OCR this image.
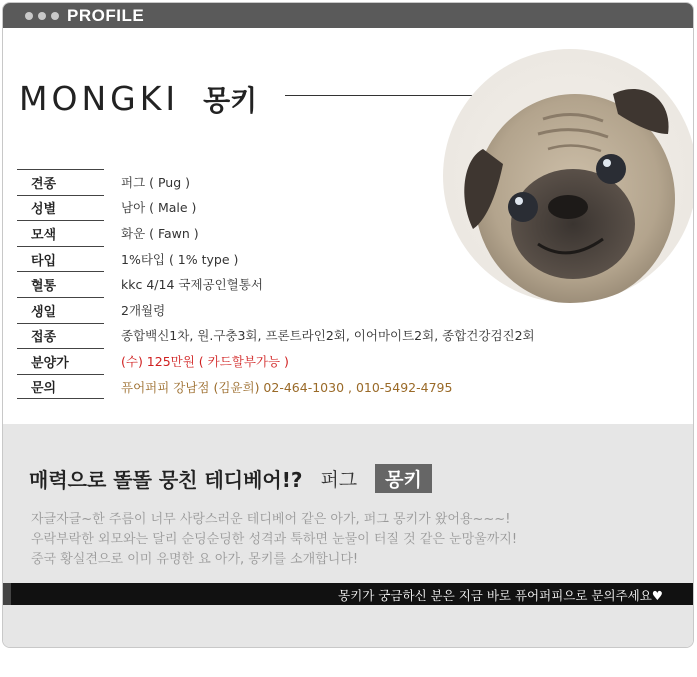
PROFILE
MONGKI 몽키
견종	퍼그 ( Pug )
성별	남아 ( Male )
모색	화운 ( Fawn )
타입	1%타입 ( 1% type )
혈통	kkc 4/14 국제공인혈통서
생일	2개월령
접종	종합백신1차, 원.구충3회, 프론트라인2회, 이어마이트2회, 종합건강검진2회
분양가	(수) 125만원 ( 카드할부가능 )
문의	퓨어퍼피 강남점 (김윤희) 02-464-1030 , 010-5492-4795
매력으로 똘똘 뭉친 테디베어!? 퍼그	몽키
자글자글~한 주름이 너무 사랑스러운 테디베어 같은 아가, 퍼그 몽키가 왔어용~~~!
우락부락한 외모와는 달리 순딩순딩한 성격과 툭하면 눈물이 터질 것 같은 눈망울까지!
중국 황실견으로 이미 유명한 요 아가, 몽키를 소개합니다!
몽키가 궁금하신 분은 지금 바로 퓨어퍼피으로 문의주세요♥
